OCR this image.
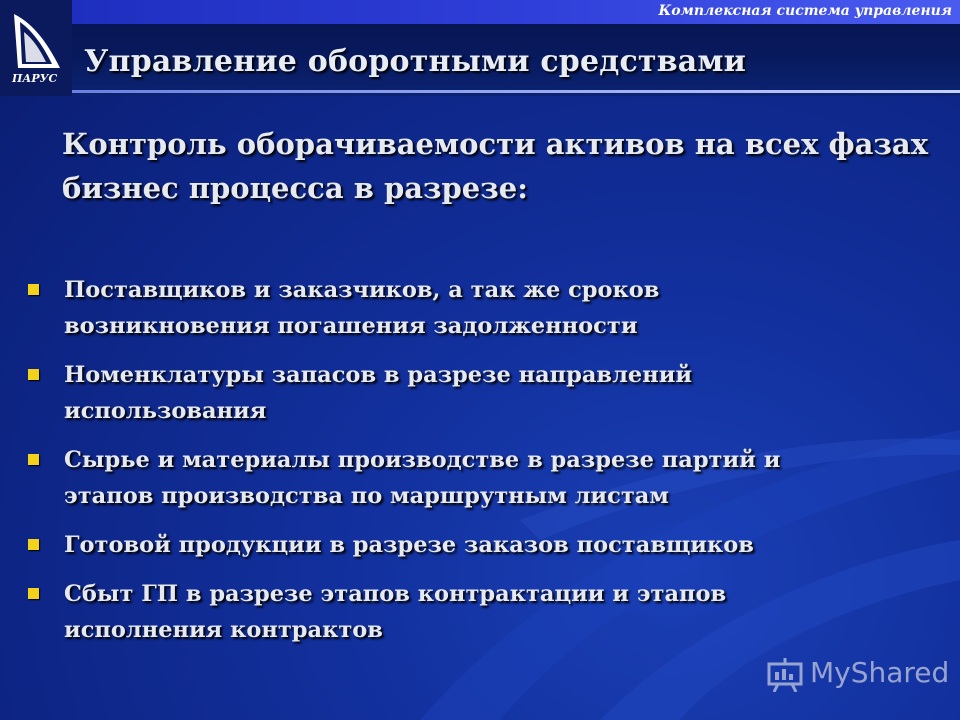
ПАРУС
Комплексная система управления
Управление оборотными средствами
Контроль оборачиваемости активов на всех фазах

бизнес процесса в разрезе:
Поставщиков и заказчиков, а так же сроков
возникновения погашения задолженности
Номенклатуры запасов в разрезе направлений
использования
Сырье и материалы производстве в разрезе партий и
этапов производства по маршрутным листам
Готовой продукции в разрезе заказов поставщиков
Сбыт ГП в разрезе этапов контрактации и этапов
исполнения контрактов
MyShared
